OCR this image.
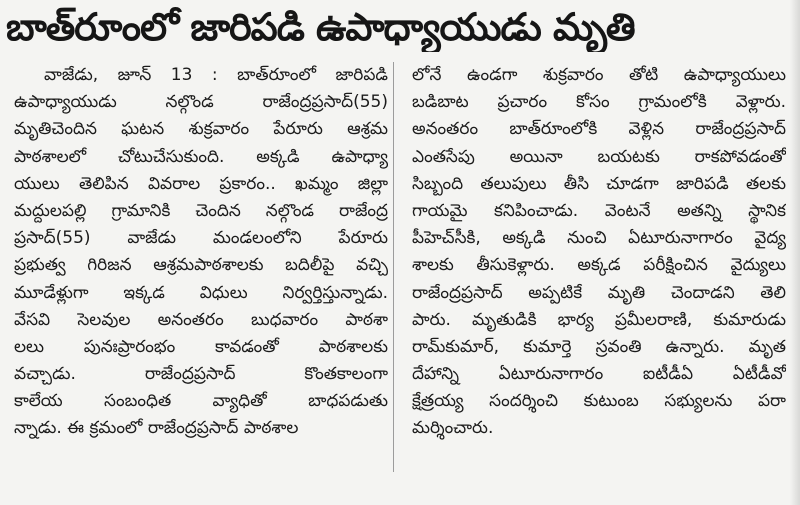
బాత్‌రూంలో జారిపడి ఉపాధ్యాయుడు మృతి
వాజేడు, జూన్ 13 : బాత్‌రూంలో జారిపడి
ఉపాధ్యాయుడు నల్గొండ రాజేంద్రప్రసాద్(55)
మృతిచెందిన ఘటన శుక్రవారం పేరూరు ఆశ్రమ
పాఠశాలలో చోటుచేసుకుంది. అక్కడి ఉపాధ్యా
యులు తెలిపిన వివరాల ప్రకారం.. ఖమ్మం జిల్లా
మద్దులపల్లి గ్రామానికి చెందిన నల్గొండ రాజేంద్ర
ప్రసాద్(55) వాజేడు మండలంలోని పేరూరు
ప్రభుత్వ గిరిజన ఆశ్రమపాఠశాలకు బదిలీపై వచ్చి
మూడేళ్లుగా ఇక్కడ విధులు నిర్వర్తిస్తున్నాడు.
వేసవి సెలవుల అనంతరం బుధవారం పాఠశా
లలు పునఃప్రారంభం కావడంతో పాఠశాలకు
వచ్చాడు. రాజేంద్రప్రసాద్ కొంతకాలంగా
కాలేయ సంబంధిత వ్యాధితో బాధపడుతు
న్నాడు. ఈ క్రమంలో రాజేంద్రప్రసాద్ పాఠశాల
లోనే ఉండగా శుక్రవారం తోటి ఉపాధ్యాయులు
బడిబాట ప్రచారం కోసం గ్రామంలోకి వెళ్లారు.
అనంతరం బాత్‌రూంలోకి వెళ్లిన రాజేంద్రప్రసాద్
ఎంతసేపు అయినా బయటకు రాకపోవడంతో
సిబ్బంది తలుపులు తీసి చూడగా జారిపడి తలకు
గాయమై కనిపించాడు. వెంటనే అతన్ని స్థానిక
పీహెచ్‌సీకి, అక్కడి నుంచి ఏటూరునాగారం వైద్య
శాలకు తీసుకెళ్లారు. అక్కడ పరీక్షించిన వైద్యులు
రాజేంద్రప్రసాద్ అప్పటికే మృతి చెందాడని తెలి
పారు. మృతుడికి భార్య ప్రమీలరాణి, కుమారుడు
రామ్‌కుమార్, కుమార్తె స్రవంతి ఉన్నారు. మృత
దేహాన్ని ఏటూరునాగారం ఐటీడీఏ ఏటీడీవో
క్షేత్రయ్య సందర్శించి కుటుంబ సభ్యులను పరా
మర్శించారు.
